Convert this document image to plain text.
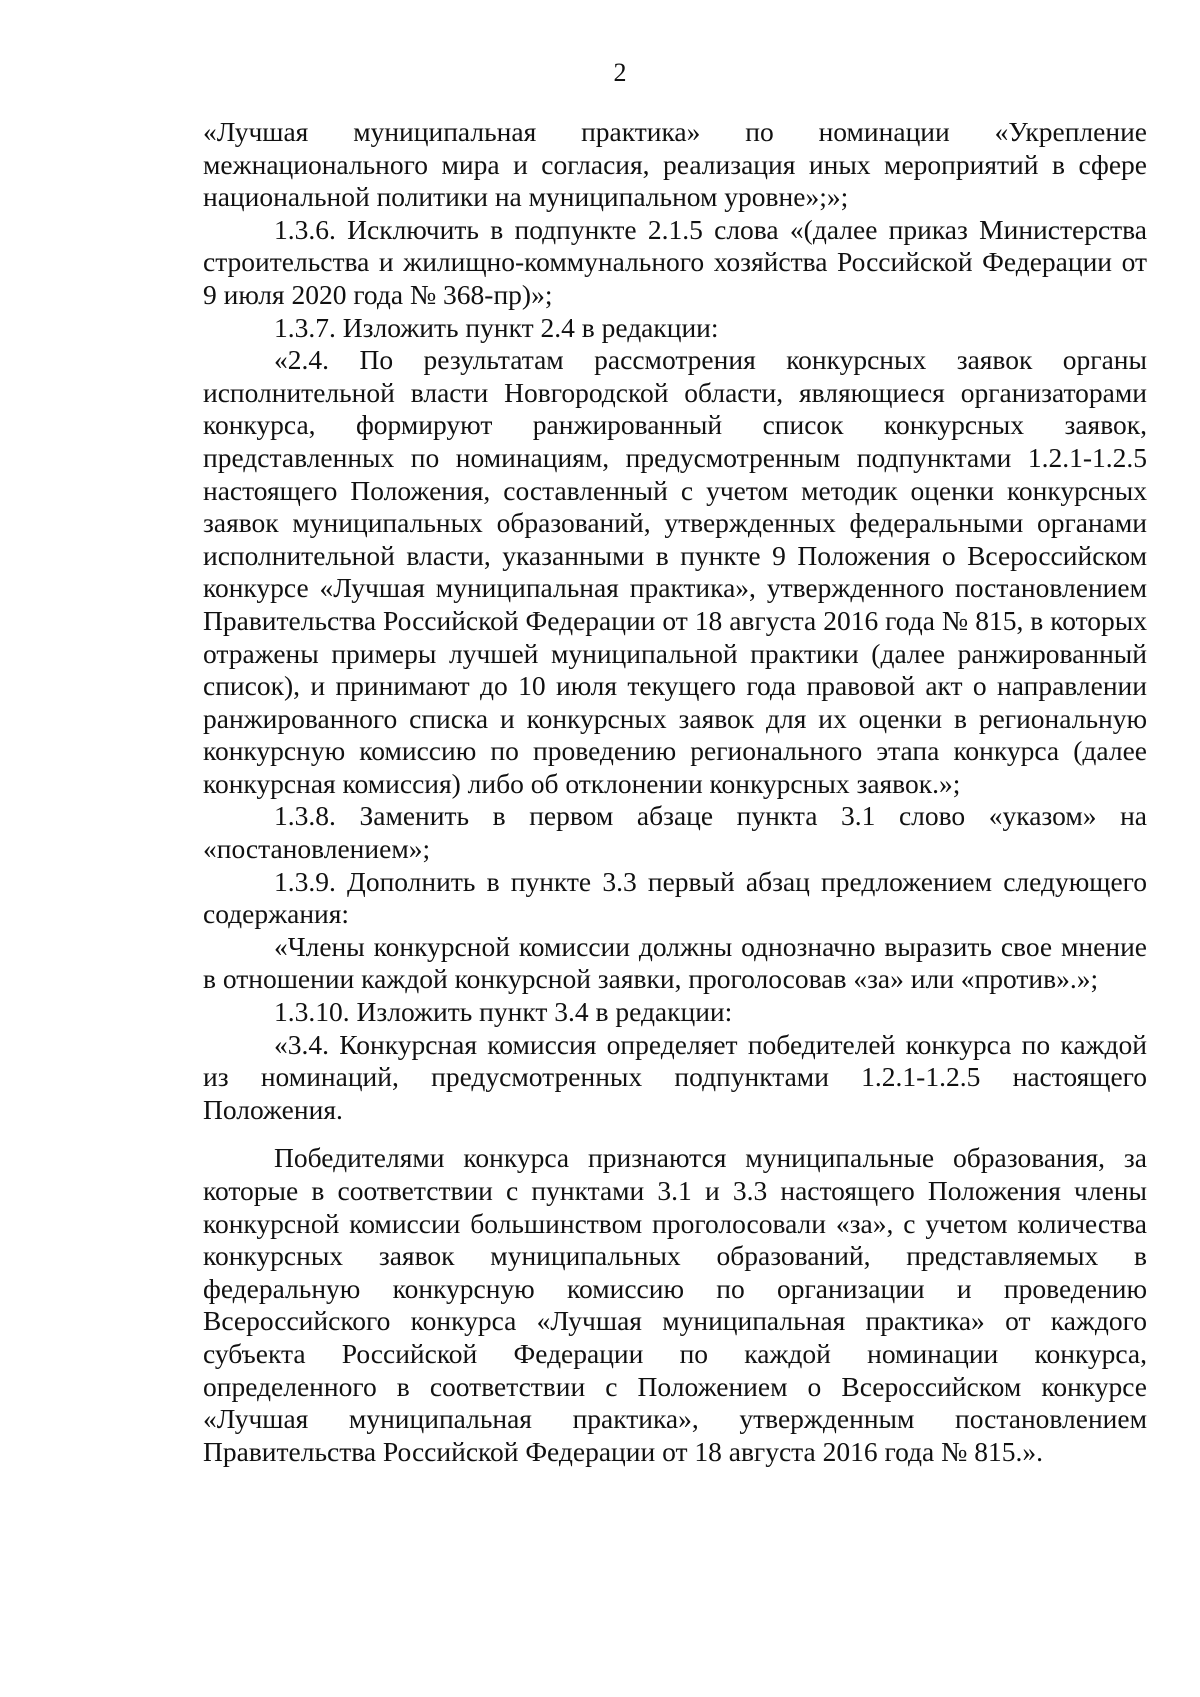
2

«Лучшая муниципальная практика» по номинации «Укрепление межнационального мира и согласия, реализация иных мероприятий в сфере национальной политики на муниципальном уровне»;»;

1.3.6. Исключить в подпункте 2.1.5 слова «(далее приказ Министерства строительства и жилищно-коммунального хозяйства Российской Федерации от 9 июля 2020 года № 368-пр)»;

1.3.7. Изложить пункт 2.4 в редакции:

«2.4. По результатам рассмотрения конкурсных заявок органы исполнительной власти Новгородской области, являющиеся организаторами конкурса, формируют ранжированный список конкурсных заявок, представленных по номинациям, предусмотренным подпунктами 1.2.1-1.2.5 настоящего Положения, составленный с учетом методик оценки конкурсных заявок муниципальных образований, утвержденных федеральными органами исполнительной власти, указанными в пункте 9 Положения о Всероссийском конкурсе «Лучшая муниципальная практика», утвержденного постановлением Правительства Российской Федерации от 18 августа 2016 года № 815, в которых отражены примеры лучшей муниципальной практики (далее ранжированный список), и принимают до 10 июля текущего года правовой акт о направлении ранжированного списка и конкурсных заявок для их оценки в региональную конкурсную комиссию по проведению регионального этапа конкурса (далее конкурсная комиссия) либо об отклонении конкурсных заявок.»;

1.3.8. Заменить в первом абзаце пункта 3.1 слово «указом» на «постановлением»;

1.3.9. Дополнить в пункте 3.3 первый абзац предложением следующего содержания:

«Члены конкурсной комиссии должны однозначно выразить свое мнение в отношении каждой конкурсной заявки, проголосовав «за» или «против».»;

1.3.10. Изложить пункт 3.4 в редакции:

«3.4. Конкурсная комиссия определяет победителей конкурса по каждой из номинаций, предусмотренных подпунктами 1.2.1-1.2.5 настоящего Положения.

Победителями конкурса признаются муниципальные образования, за которые в соответствии с пунктами 3.1 и 3.3 настоящего Положения члены конкурсной комиссии большинством проголосовали «за», с учетом количества конкурсных заявок муниципальных образований, представляемых в федеральную конкурсную комиссию по организации и проведению Всероссийского конкурса «Лучшая муниципальная практика» от каждого субъекта Российской Федерации по каждой номинации конкурса, определенного в соответствии с Положением о Всероссийском конкурсе «Лучшая муниципальная практика», утвержденным постановлением Правительства Российской Федерации от 18 августа 2016 года № 815.».
